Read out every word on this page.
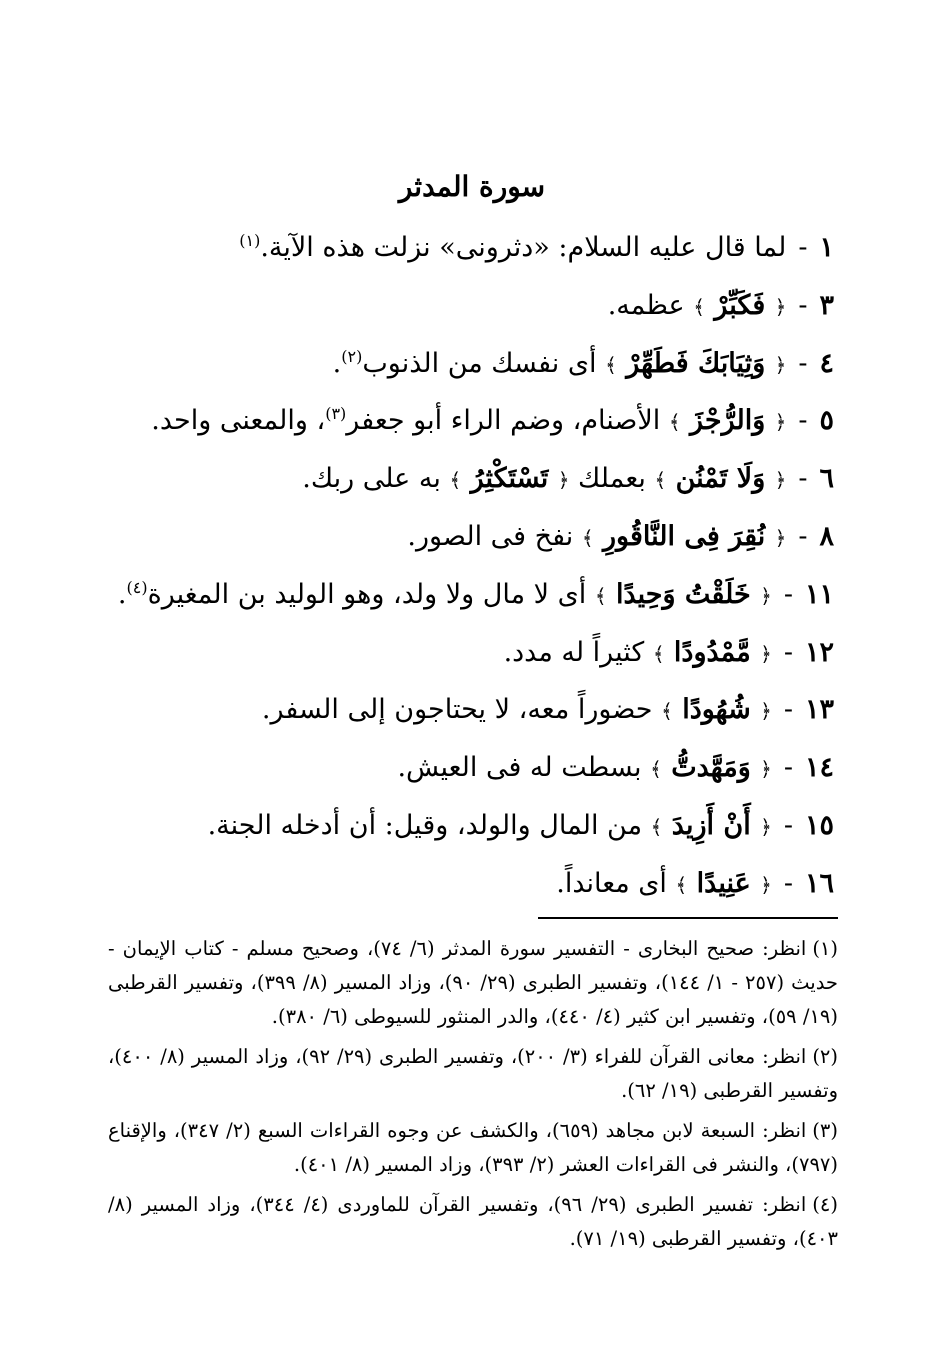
سورة المدثر
١-لما قال عليه السلام: «دثرونى» نزلت هذه الآية.$^{(١)}$
٣-﴿ فَكَبِّرْ ﴾ عظمه.
٤-﴿ وَثِيَابَكَ فَطَهِّرْ ﴾ أى نفسك من الذنوب$^{(٢)}$.
٥-﴿ وَالرُّجْزَ ﴾ الأصنام، وضم الراء أبو جعفر$^{(٣)}$، والمعنى واحد.
٦-﴿ وَلَا تَمْنُن ﴾ بعملك ﴿ تَسْتَكْثِرُ ﴾ به على ربك.
٨-﴿ نُقِرَ فِى النَّاقُورِ ﴾ نفخ فى الصور.
١١-﴿ خَلَقْتُ وَحِيدًا ﴾ أى لا مال ولا ولد، وهو الوليد بن المغيرة$^{(٤)}$.
١٢-﴿ مَّمْدُودًا ﴾ كثيراً له مدد.
١٣-﴿ شُهُودًا ﴾ حضوراً معه، لا يحتاجون إلى السفر.
١٤-﴿ وَمَهَّدتُّ ﴾ بسطت له فى العيش.
١٥-﴿ أَنْ أَزِيدَ ﴾ من المال والولد، وقيل: أن أدخله الجنة.
١٦-﴿ عَنِيدًا ﴾ أى معانداً.
(١)انظر: صحيح البخارى - التفسير سورة المدثر (٦/ ٧٤)، وصحيح مسلم - كتاب الإيمان - حديث (٢٥٧ - ١/ ١٤٤)، وتفسير الطبرى (٢٩/ ٩٠)، وزاد المسير (٨/ ٣٩٩)، وتفسير القرطبى (١٩/ ٥٩)، وتفسير ابن كثير (٤/ ٤٤٠)، والدر المنثور للسيوطى (٦/ ٣٨٠).
(٢)انظر: معانى القرآن للفراء (٣/ ٢٠٠)، وتفسير الطبرى (٢٩/ ٩٢)، وزاد المسير (٨/ ٤٠٠)، وتفسير القرطبى (١٩/ ٦٢).
(٣)انظر: السبعة لابن مجاهد (٦٥٩)، والكشف عن وجوه القراءات السبع (٢/ ٣٤٧)، والإقناع (٧٩٧)، والنشر فى القراءات العشر (٢/ ٣٩٣)، وزاد المسير (٨/ ٤٠١).
(٤)انظر: تفسير الطبرى (٢٩/ ٩٦)، وتفسير القرآن للماوردى (٤/ ٣٤٤)، وزاد المسير (٨/ ٤٠٣)، وتفسير القرطبى (١٩/ ٧١).
